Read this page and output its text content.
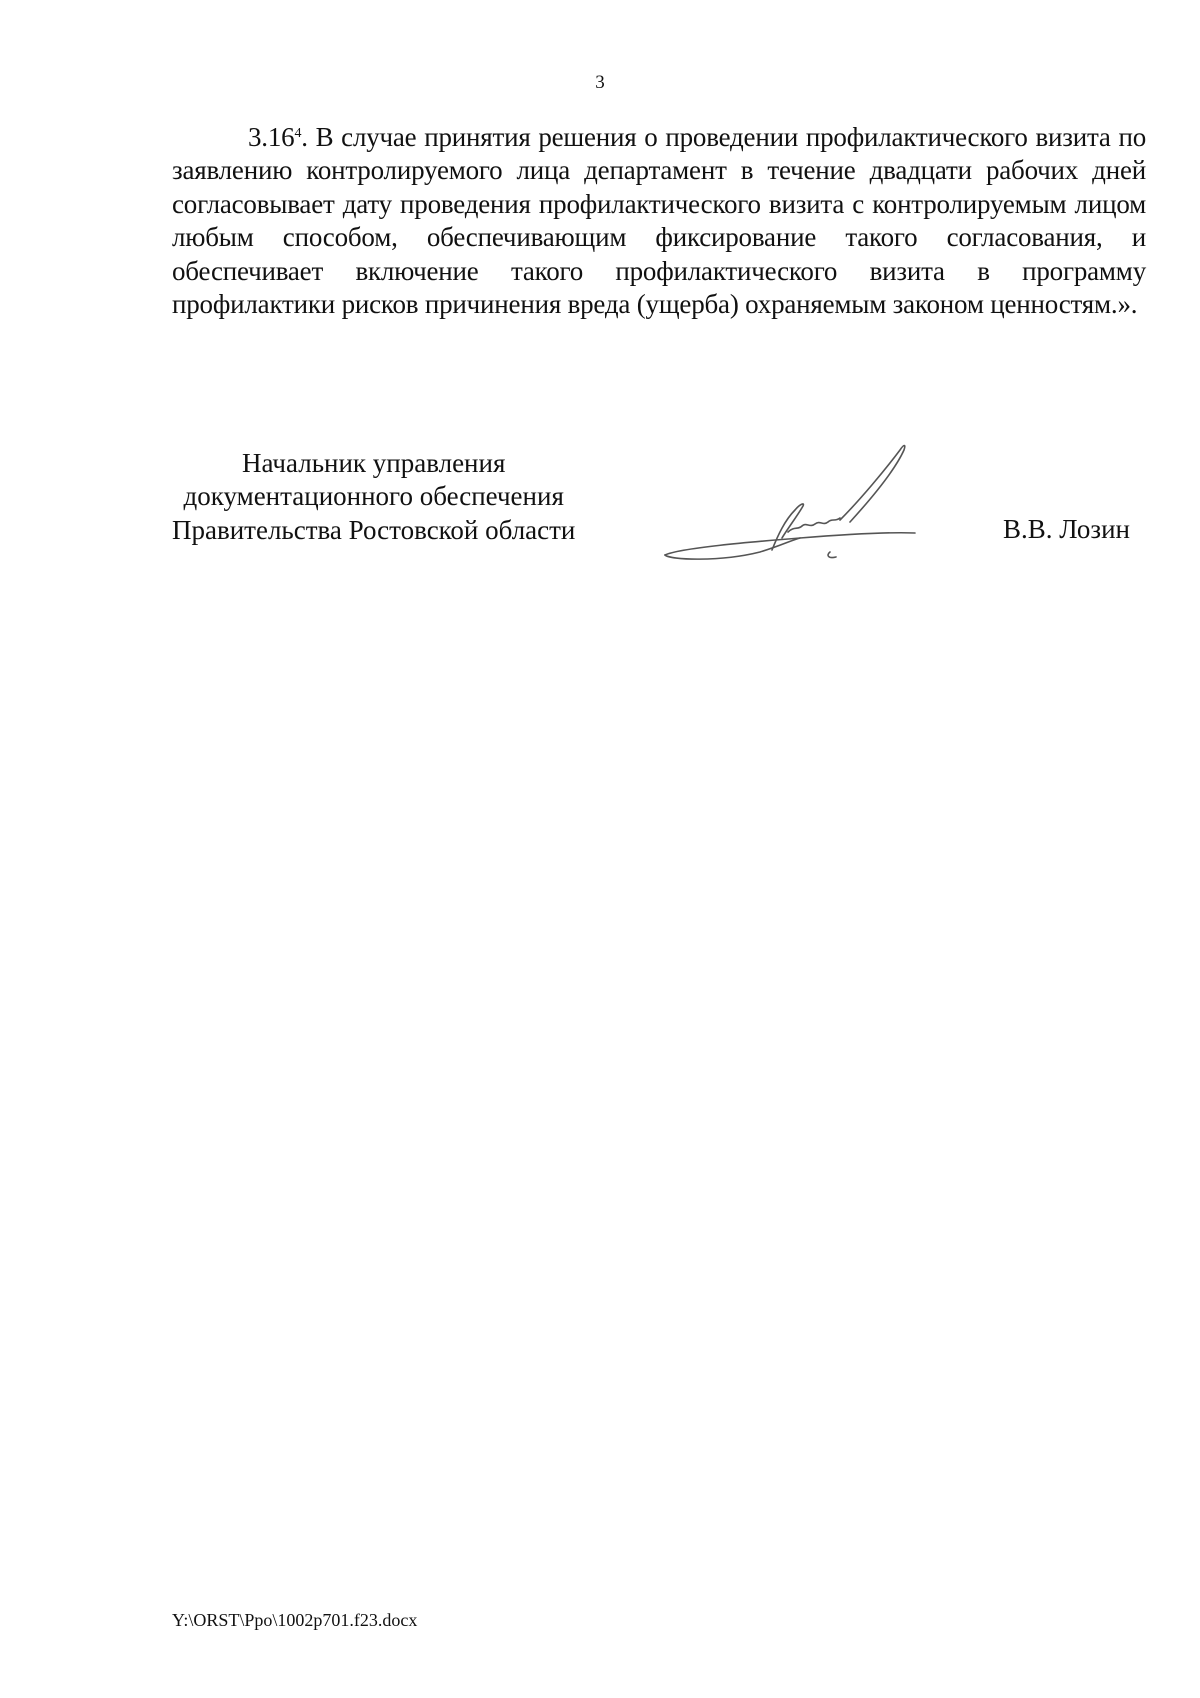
3

3.16$^4$. В случае принятия решения о проведении профилактического визита по заявлению контролируемого лица департамент в течение двадцати рабочих дней согласовывает дату проведения профилактического визита с контролируемым лицом любым способом, обеспечивающим фиксирование такого согласования, и обеспечивает включение такого профилактического визита в программу профилактики рисков причинения вреда (ущерба) охраняемым законом ценностям.».

Начальник управления
документационного обеспечения
Правительства Ростовской области	В.В. Лозин
Y:\ORST\Ppo\1002p701.f23.docx
